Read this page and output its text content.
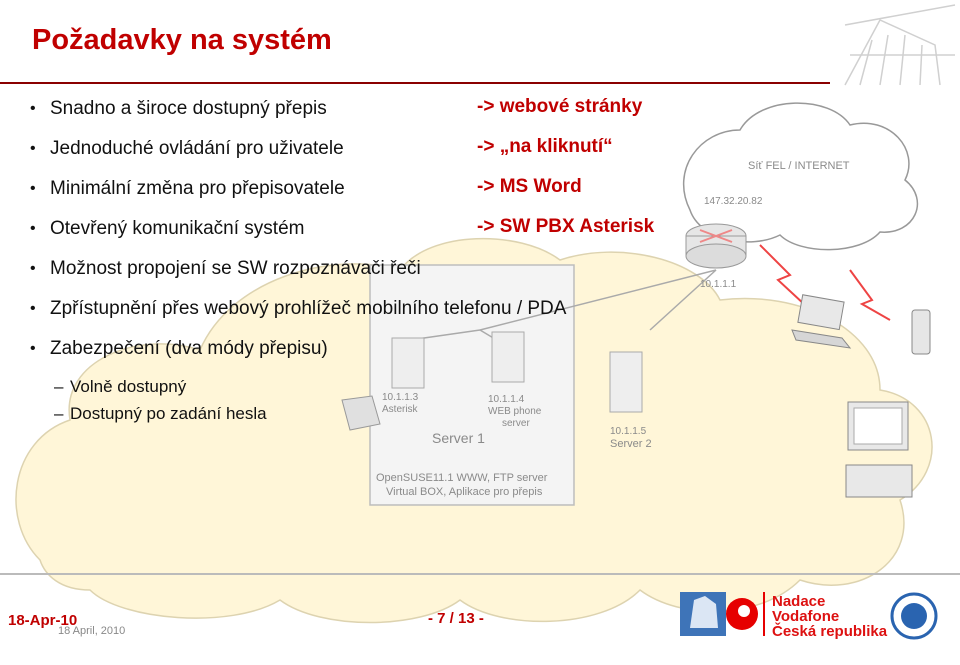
Požadavky na systém
• Snadno a široce dostupný přepis
• Jednoduché ovládání pro uživatele
• Minimální změna pro přepisovatele
• Otevřený komunikační systém
• Možnost propojení se SW rozpoznávači řeči
• Zpřístupnění přes webový prohlížeč mobilního telefonu / PDA
• Zabezpečení (dva módy přepisu)
– Volně dostupný
– Dostupný po zadání hesla
-> webové stránky
-> „na kliknutí“
-> MS Word
-> SW PBX Asterisk
Síť FEL / INTERNET
147.32.20.82
10.1.1.1
10.1.1.3
Asterisk
10.1.1.4
WEB phone
server
Server 1	10.1.1.5
Server 2
OpenSUSE11.1 WWW, FTP server
Virtual BOX, Aplikace pro přepis
18-Apr-10
18 April, 2010
- 7 / 13 -
Nadace
Vodafone
Česká republika
